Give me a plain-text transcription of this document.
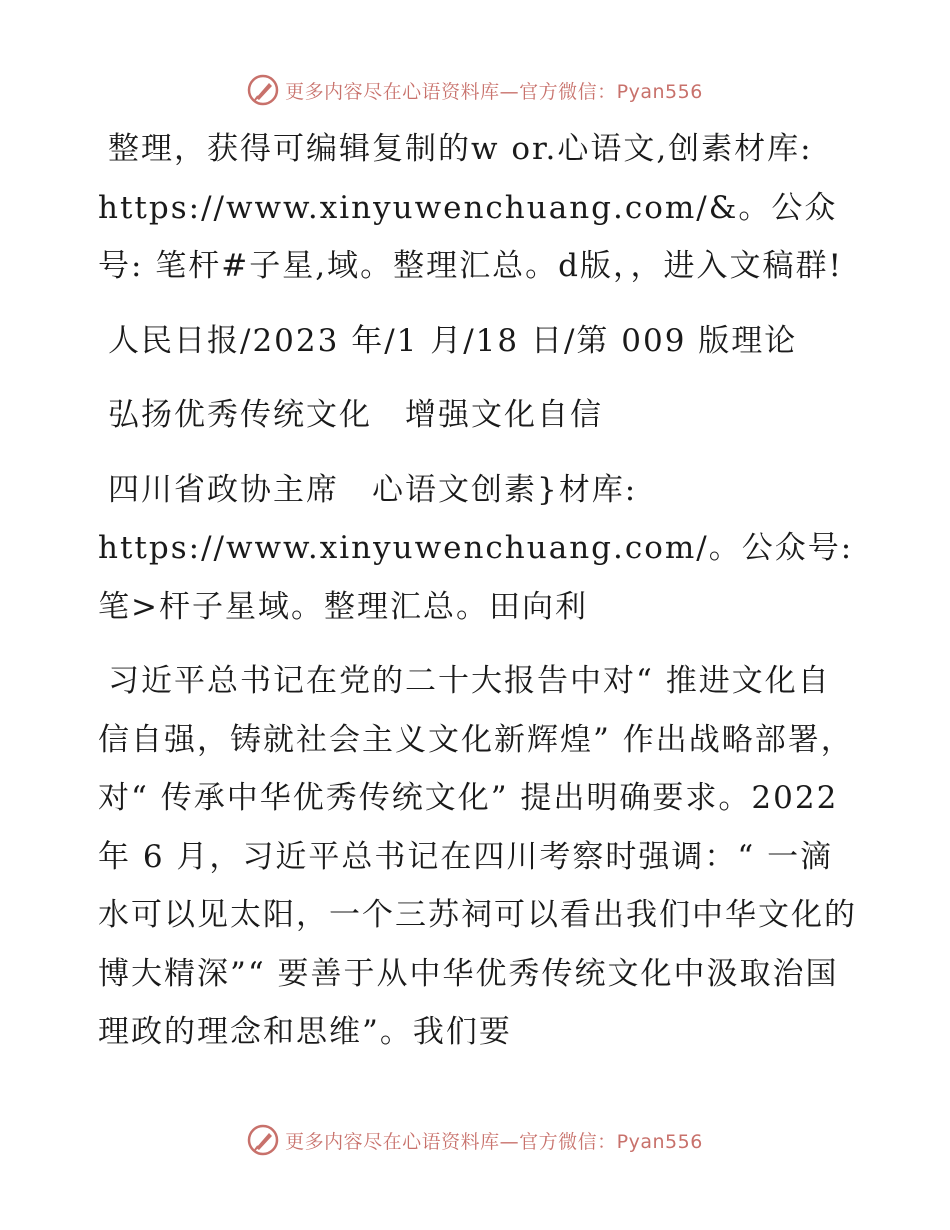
更多内容尽在心语资料库—官方微信：Pyan556

整理，获得可编辑复制的w or.心语文,创素材库: https://www.xinyuwenchuang.com/&。公众号: 笔杆#子星,域。整理汇总。d版，，进入文稿群!

人民日报/2023 年/1 月/18 日/第 009 版理论

弘扬优秀传统文化　增强文化自信

四川省政协主席　心语文创素}材库: https://www.xinyuwenchuang.com/。公众号: 笔>杆子星域。整理汇总。田向利

习近平总书记在党的二十大报告中对“ 推进文化自信自强，铸就社会主义文化新辉煌” 作出战略部署，对“ 传承中华优秀传统文化” 提出明确要求。2022 年 6 月，习近平总书记在四川考察时强调：“ 一滴水可以见太阳，一个三苏祠可以看出我们中华文化的博大精深”“ 要善于从中华优秀传统文化中汲取治国理政的理念和思维”。我们要

更多内容尽在心语资料库—官方微信：Pyan556
